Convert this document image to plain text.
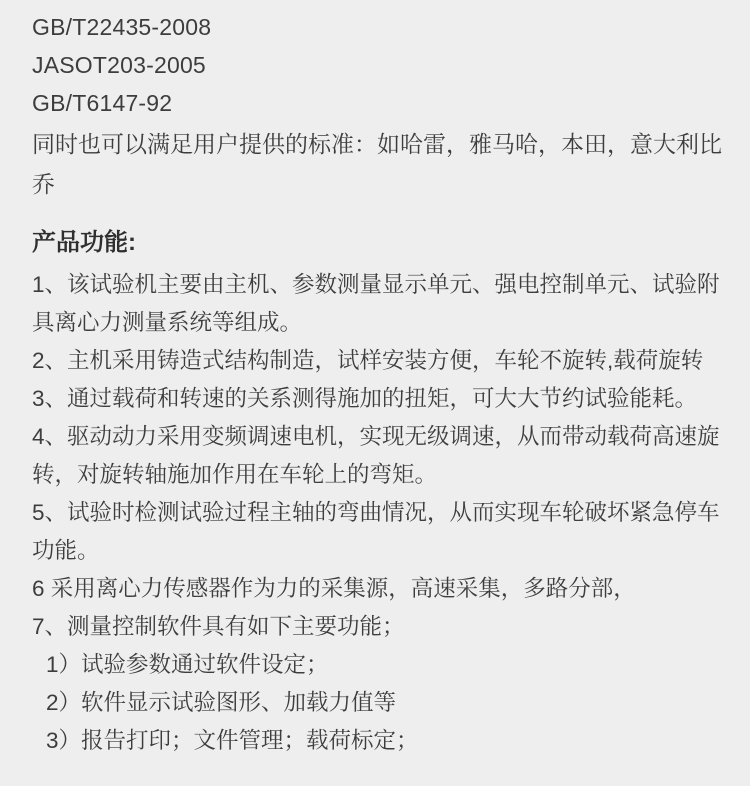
GB/T22435-2008
JASOT203-2005
GB/T6147-92

同时也可以满足用户提供的标准：如哈雷，雅马哈，本田，意大利比乔

产品功能:
1、该试验机主要由主机、参数测量显示单元、强电控制单元、试验附具离心力测量系统等组成。
2、主机采用铸造式结构制造，试样安装方便，车轮不旋转,载荷旋转
3、通过载荷和转速的关系测得施加的扭矩，可大大节约试验能耗。
4、驱动动力采用变频调速电机，实现无级调速，从而带动载荷高速旋转，对旋转轴施加作用在车轮上的弯矩。
5、试验时检测试验过程主轴的弯曲情况，从而实现车轮破坏紧急停车功能。
6 采用离心力传感器作为力的采集源，高速采集，多路分部，
7、测量控制软件具有如下主要功能；
1）试验参数通过软件设定；
2）软件显示试验图形、加载力值等
3）报告打印；文件管理；载荷标定；
